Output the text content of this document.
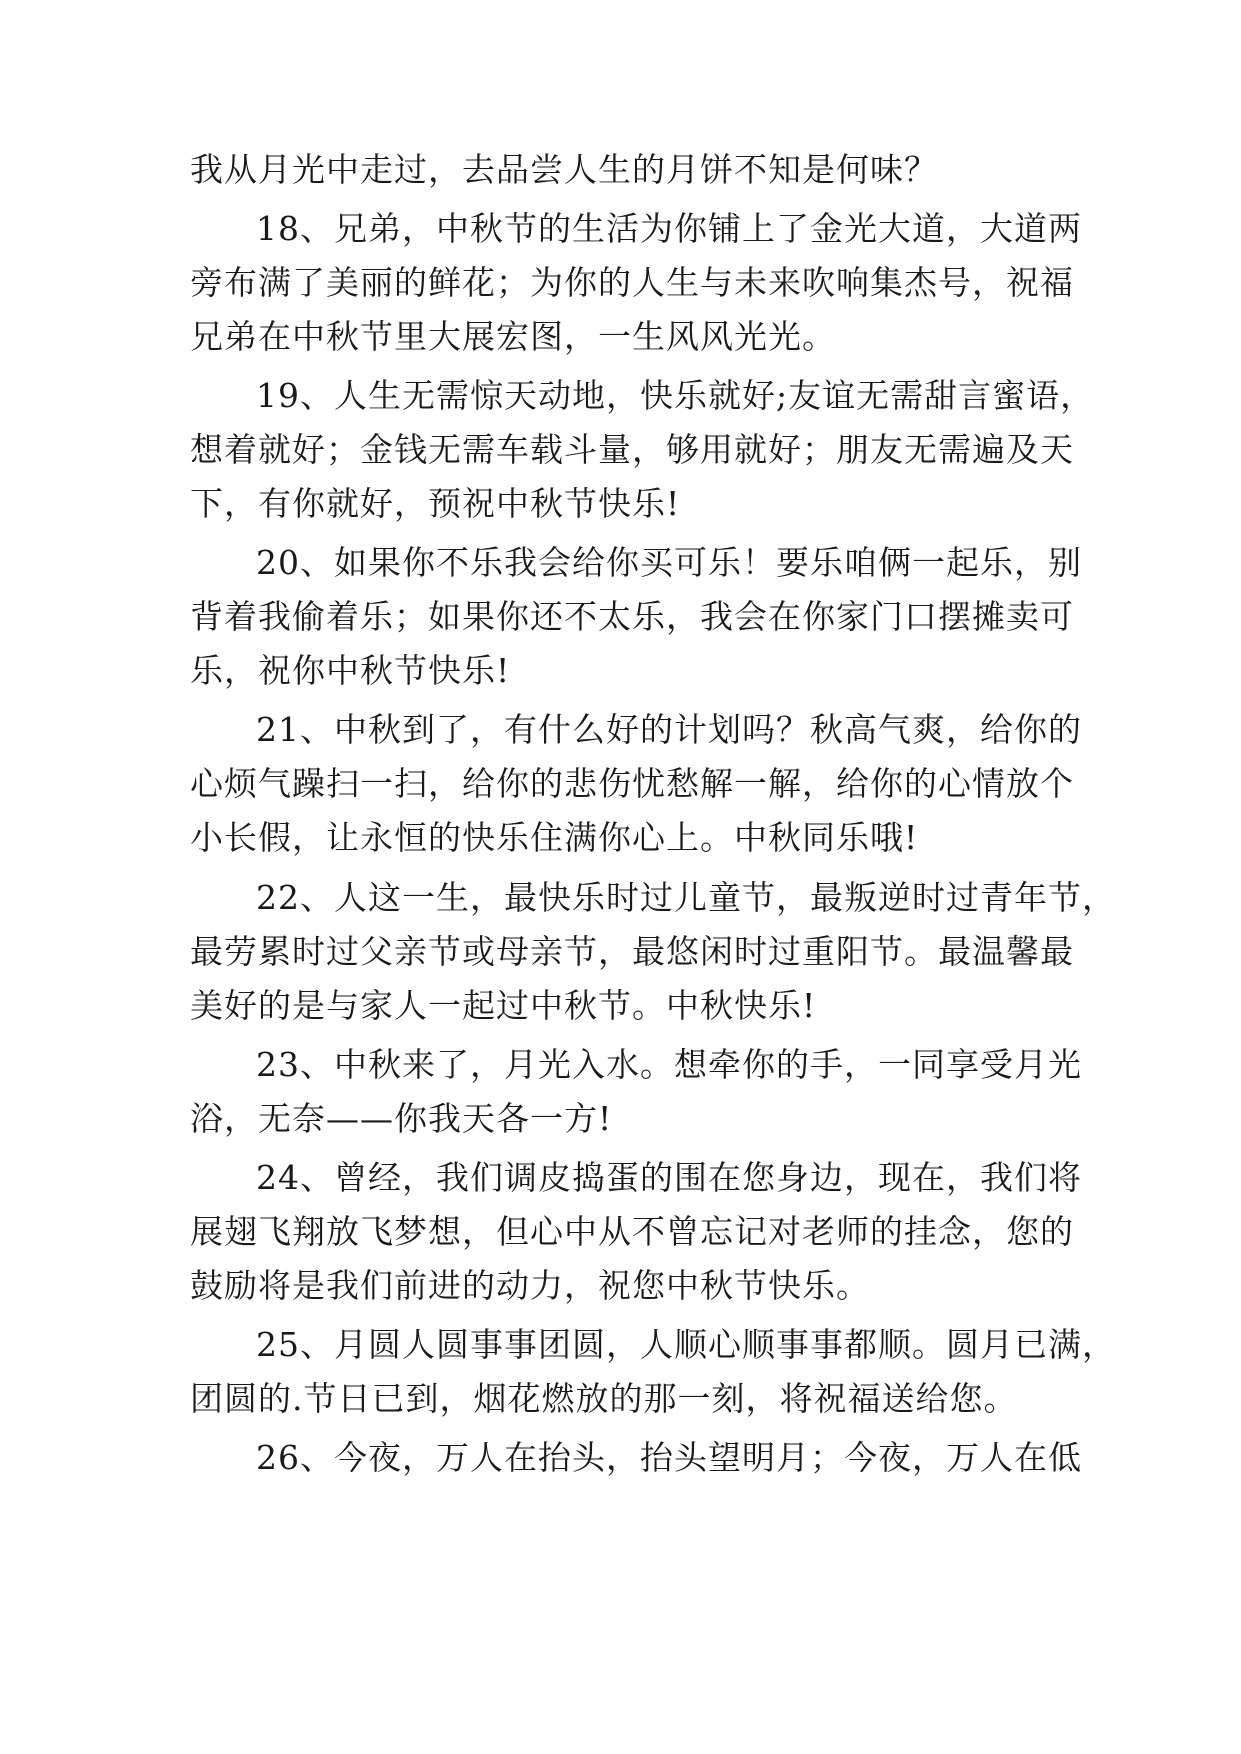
我从月光中走过，去品尝人生的月饼不知是何味？
18、兄弟，中秋节的生活为你铺上了金光大道，大道两
旁布满了美丽的鲜花；为你的人生与未来吹响集杰号，祝福
兄弟在中秋节里大展宏图，一生风风光光。
19、人生无需惊天动地，快乐就好;友谊无需甜言蜜语，
想着就好；金钱无需车载斗量，够用就好；朋友无需遍及天
下，有你就好，预祝中秋节快乐!
20、如果你不乐我会给你买可乐！要乐咱俩一起乐，别
背着我偷着乐；如果你还不太乐，我会在你家门口摆摊卖可
乐，祝你中秋节快乐!
21、中秋到了，有什么好的计划吗？秋高气爽，给你的
心烦气躁扫一扫，给你的悲伤忧愁解一解，给你的心情放个
小长假，让永恒的快乐住满你心上。中秋同乐哦!
22、人这一生，最快乐时过儿童节，最叛逆时过青年节，
最劳累时过父亲节或母亲节，最悠闲时过重阳节。最温馨最
美好的是与家人一起过中秋节。中秋快乐!
23、中秋来了，月光入水。想牵你的手，一同享受月光
浴，无奈——你我天各一方!
24、曾经，我们调皮捣蛋的围在您身边，现在，我们将
展翅飞翔放飞梦想，但心中从不曾忘记对老师的挂念，您的
鼓励将是我们前进的动力，祝您中秋节快乐。
25、月圆人圆事事团圆，人顺心顺事事都顺。圆月已满，
团圆的.节日已到，烟花燃放的那一刻，将祝福送给您。
26、今夜，万人在抬头，抬头望明月；今夜，万人在低
